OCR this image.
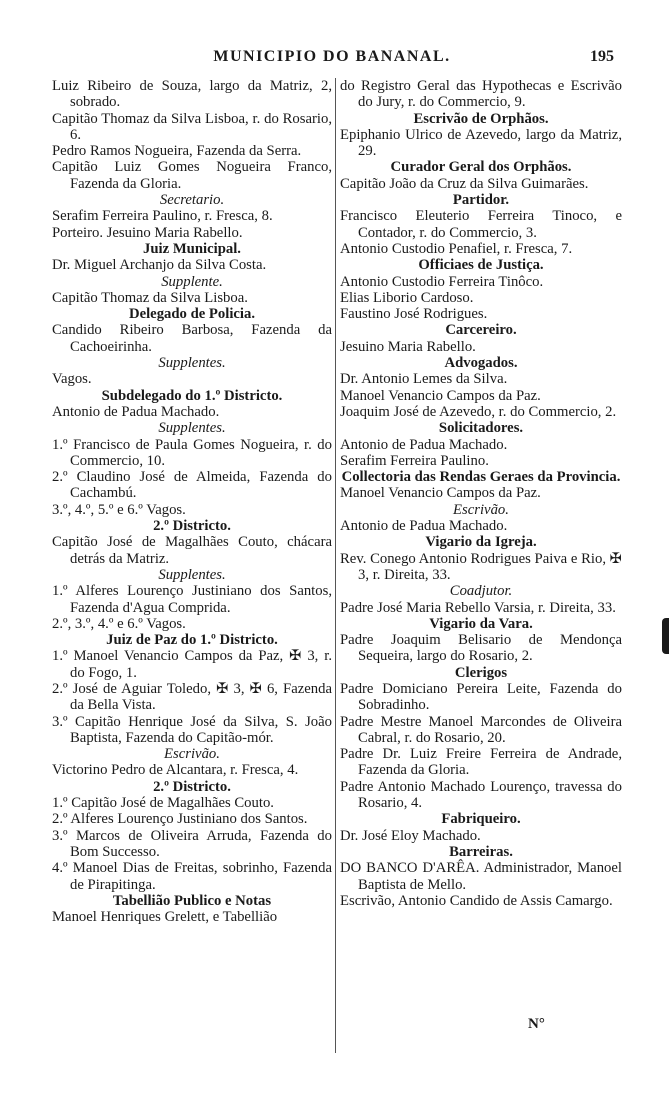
MUNICIPIO DO BANANAL.	195

Luiz Ribeiro de Souza, largo da Matriz, 2, sobrado.

Capitão Thomaz da Silva Lisboa, r. do Rosario, 6.

Pedro Ramos Nogueira, Fazenda da Serra.

Capitão Luiz Gomes Nogueira Franco, Fazenda da Gloria.

Secretario.

Serafim Ferreira Paulino, r. Fresca, 8.

Porteiro. Jesuino Maria Rabello.

Juiz Municipal.

Dr. Miguel Archanjo da Silva Costa.

Supplente.

Capitão Thomaz da Silva Lisboa.

Delegado de Policia.

Candido Ribeiro Barbosa, Fazenda da Cachoeirinha.

Supplentes.

Vagos.

Subdelegado do 1.º Districto.

Antonio de Padua Machado.

Supplentes.

1.º Francisco de Paula Gomes Nogueira, r. do Commercio, 10.

2.º Claudino José de Almeida, Fazenda do Cachambú.

3.º, 4.º, 5.º e 6.º Vagos.

2.º Districto.

Capitão José de Magalhães Couto, chácara detrás da Matriz.

Supplentes.

1.º Alferes Lourenço Justiniano dos Santos, Fazenda d'Agua Comprida.

2.º, 3.º, 4.º e 6.º Vagos.

Juiz de Paz do 1.º Districto.

1.º Manoel Venancio Campos da Paz, ✠ 3, r. do Fogo, 1.

2.º José de Aguiar Toledo, ✠ 3, ✠ 6, Fazenda da Bella Vista.

3.º Capitão Henrique José da Silva, S. João Baptista, Fazenda do Capitão-mór.

Escrivão.

Victorino Pedro de Alcantara, r. Fresca, 4.

2.º Districto.

1.º Capitão José de Magalhães Couto.

2.º Alferes Lourenço Justiniano dos Santos.

3.º Marcos de Oliveira Arruda, Fazenda do Bom Successo.

4.º Manoel Dias de Freitas, sobrinho, Fazenda de Pirapitinga.

Tabellião Publico e Notas

Manoel Henriques Grelett, e Tabellião

do Registro Geral das Hypothecas e Escrivão do Jury, r. do Commercio, 9.

Escrivão de Orphãos.

Epiphanio Ulrico de Azevedo, largo da Matriz, 29.

Curador Geral dos Orphãos.

Capitão João da Cruz da Silva Guimarães.

Partidor.

Francisco Eleuterio Ferreira Tinoco, e Contador, r. do Commercio, 3.

Antonio Custodio Penafiel, r. Fresca, 7.

Officiaes de Justiça.

Antonio Custodio Ferreira Tinôco.

Elias Liborio Cardoso.

Faustino José Rodrigues.

Carcereiro.

Jesuino Maria Rabello.

Advogados.

Dr. Antonio Lemes da Silva.

Manoel Venancio Campos da Paz.

Joaquim José de Azevedo, r. do Commercio, 2.

Solicitadores.

Antonio de Padua Machado.

Serafim Ferreira Paulino.

Collectoria das Rendas Geraes da Provincia.

Manoel Venancio Campos da Paz.

Escrivão.

Antonio de Padua Machado.

Vigario da Igreja.

Rev. Conego Antonio Rodrigues Paiva e Rio, ✠ 3, r. Direita, 33.

Coadjutor.

Padre José Maria Rebello Varsia, r. Direita, 33.

Vigario da Vara.

Padre Joaquim Belisario de Mendonça Sequeira, largo do Rosario, 2.

Clerigos

Padre Domiciano Pereira Leite, Fazenda do Sobradinho.

Padre Mestre Manoel Marcondes de Oliveira Cabral, r. do Rosario, 20.

Padre Dr. Luiz Freire Ferreira de Andrade, Fazenda da Gloria.

Padre Antonio Machado Lourenço, travessa do Rosario, 4.

Fabriqueiro.

Dr. José Eloy Machado.

Barreiras.

DO BANCO D'ARÊA. Administrador, Manoel Baptista de Mello.

Escrivão, Antonio Candido de Assis Camargo.

N°
